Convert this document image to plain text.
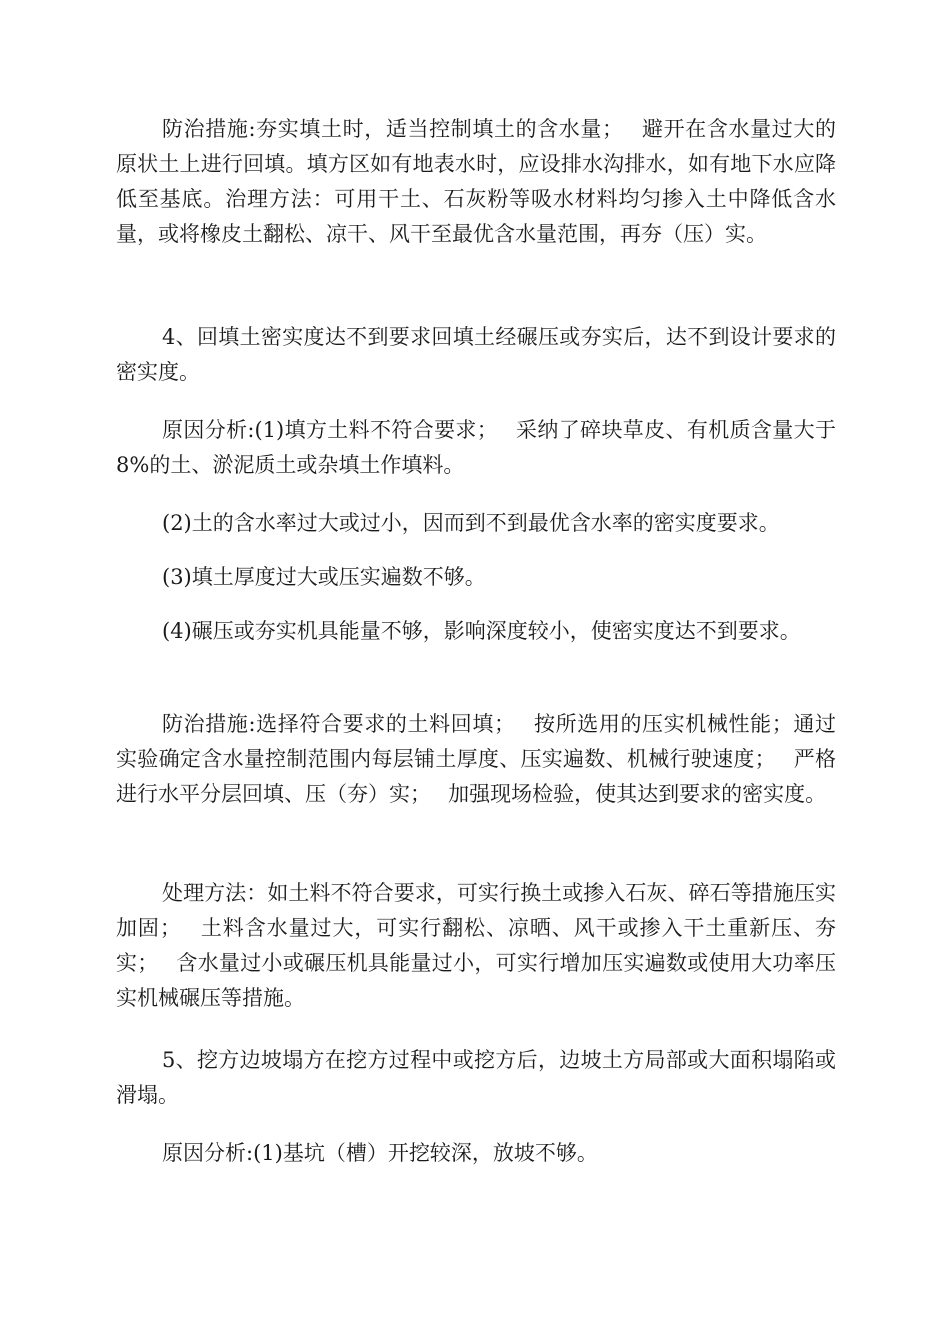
防治措施:夯实填土时，适当控制填土的含水量；　 避开在含水量过大的原状土上进行回填。填方区如有地表水时，应设排水沟排水，如有地下水应降低至基底。治理方法：可用干土、石灰粉等吸水材料均匀掺入土中降低含水量，或将橡皮土翻松、凉干、风干至最优含水量范围，再夯（压）实。

4、回填土密实度达不到要求回填土经碾压或夯实后，达不到设计要求的密实度。

原因分析:(1)填方土料不符合要求；　 采纳了碎块草皮、有机质含量大于 8%的土、淤泥质土或杂填土作填料。

(2)土的含水率过大或过小，因而到不到最优含水率的密实度要求。

(3)填土厚度过大或压实遍数不够。

(4)碾压或夯实机具能量不够，影响深度较小，使密实度达不到要求。

防治措施:选择符合要求的土料回填；　 按所选用的压实机械性能；通过实验确定含水量控制范围内每层铺土厚度、压实遍数、机械行驶速度；　 严格进行水平分层回填、压（夯）实；　 加强现场检验，使其达到要求的密实度。

处理方法：如土料不符合要求，可实行换土或掺入石灰、碎石等措施压实加固；　 土料含水量过大，可实行翻松、凉晒、风干或掺入干土重新压、夯实；　 含水量过小或碾压机具能量过小，可实行增加压实遍数或使用大功率压实机械碾压等措施。

5、挖方边坡塌方在挖方过程中或挖方后，边坡土方局部或大面积塌陷或滑塌。

原因分析:(1)基坑（槽）开挖较深，放坡不够。
